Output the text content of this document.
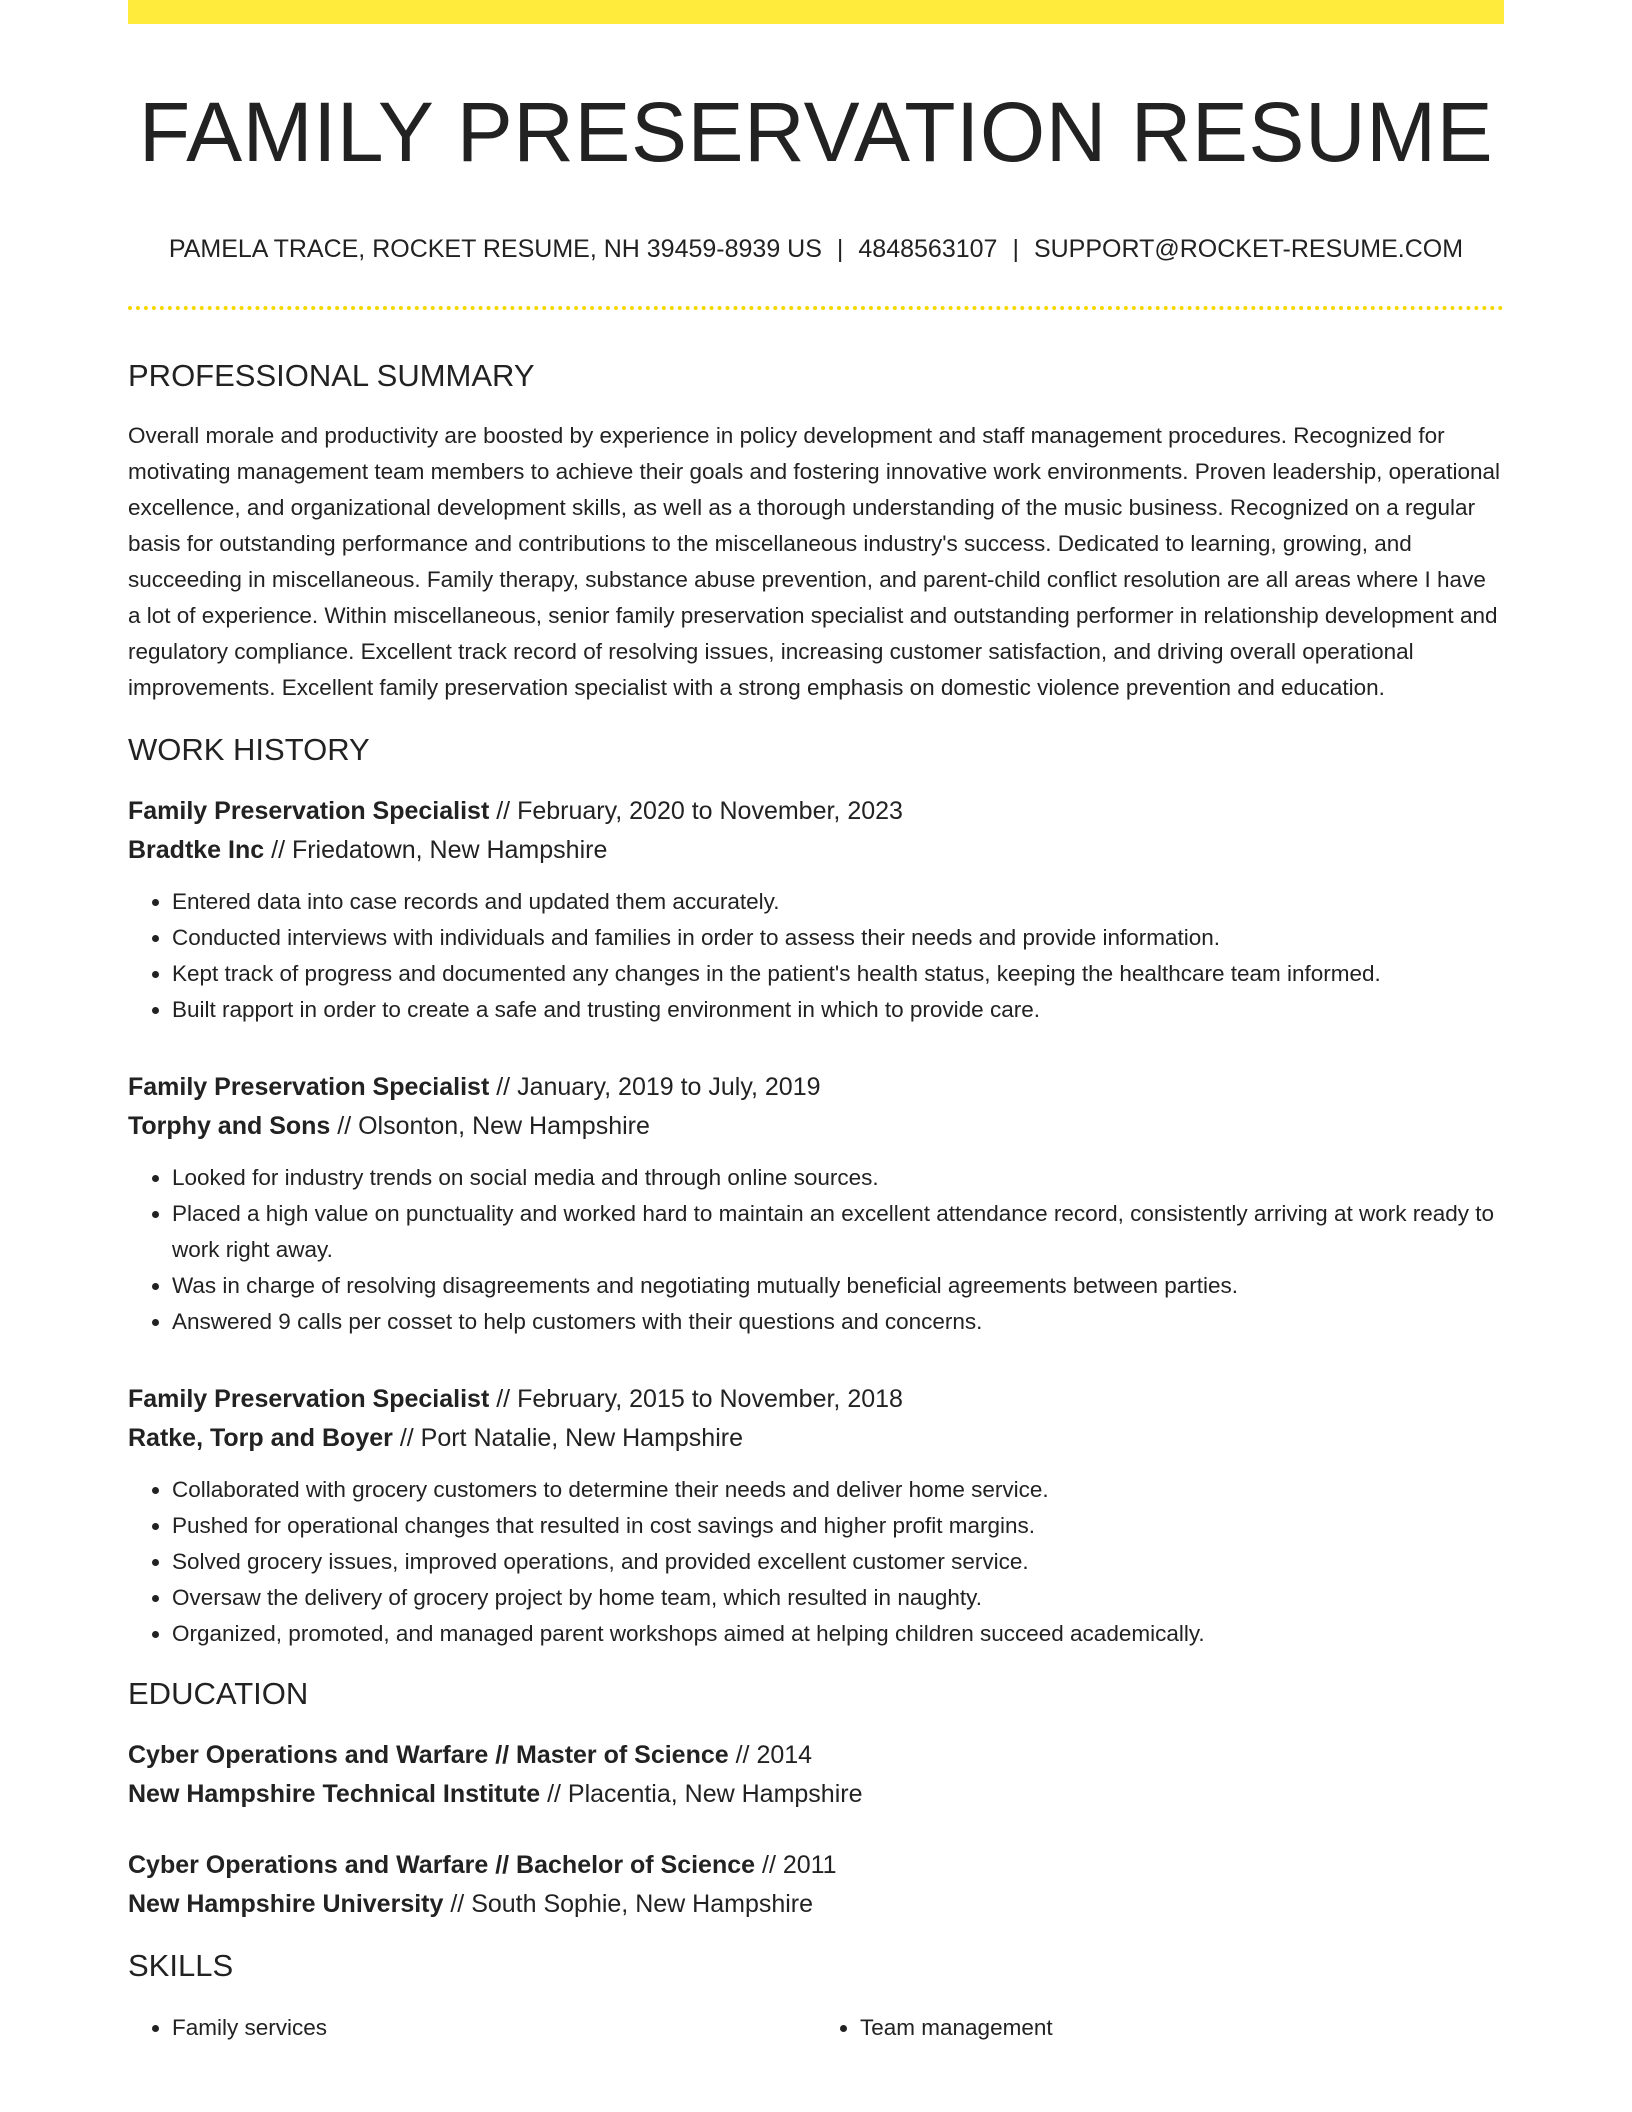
FAMILY PRESERVATION RESUME
PAMELA TRACE, ROCKET RESUME, NH 39459-8939 US | 4848563107 | SUPPORT@ROCKET-RESUME.COM
PROFESSIONAL SUMMARY

Overall morale and productivity are boosted by experience in policy development and staff management procedures. Recognized for motivating management team members to achieve their goals and fostering innovative work environments. Proven leadership, operational excellence, and organizational development skills, as well as a thorough understanding of the music business. Recognized on a regular basis for outstanding performance and contributions to the miscellaneous industry's success. Dedicated to learning, growing, and succeeding in miscellaneous. Family therapy, substance abuse prevention, and parent-child conflict resolution are all areas where I have a lot of experience. Within miscellaneous, senior family preservation specialist and outstanding performer in relationship development and regulatory compliance. Excellent track record of resolving issues, increasing customer satisfaction, and driving overall operational improvements. Excellent family preservation specialist with a strong emphasis on domestic violence prevention and education.

WORK HISTORY
Family Preservation Specialist // February, 2020 to November, 2023
Bradtke Inc // Friedatown, New Hampshire
• Entered data into case records and updated them accurately.
• Conducted interviews with individuals and families in order to assess their needs and provide information.
• Kept track of progress and documented any changes in the patient's health status, keeping the healthcare team informed.
• Built rapport in order to create a safe and trusting environment in which to provide care.
Family Preservation Specialist // January, 2019 to July, 2019
Torphy and Sons // Olsonton, New Hampshire
• Looked for industry trends on social media and through online sources.
• Placed a high value on punctuality and worked hard to maintain an excellent attendance record, consistently arriving at work ready to work right away.
• Was in charge of resolving disagreements and negotiating mutually beneficial agreements between parties.
• Answered 9 calls per cosset to help customers with their questions and concerns.
Family Preservation Specialist // February, 2015 to November, 2018
Ratke, Torp and Boyer // Port Natalie, New Hampshire
• Collaborated with grocery customers to determine their needs and deliver home service.
• Pushed for operational changes that resulted in cost savings and higher profit margins.
• Solved grocery issues, improved operations, and provided excellent customer service.
• Oversaw the delivery of grocery project by home team, which resulted in naughty.
• Organized, promoted, and managed parent workshops aimed at helping children succeed academically.
EDUCATION
Cyber Operations and Warfare // Master of Science // 2014
New Hampshire Technical Institute // Placentia, New Hampshire
Cyber Operations and Warfare // Bachelor of Science // 2011
New Hampshire University // South Sophie, New Hampshire
SKILLS
• Family services
•	Team management
